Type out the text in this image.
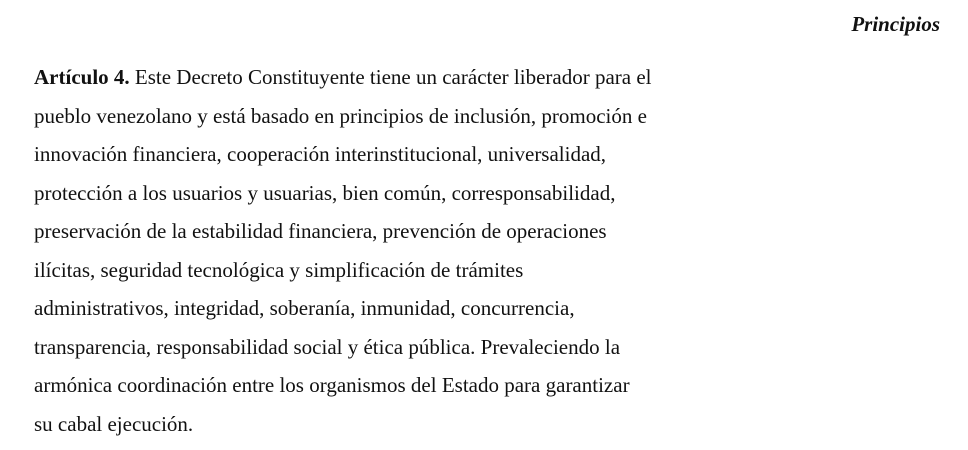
Principios

Artículo 4. Este Decreto Constituyente tiene un carácter liberador para el
pueblo venezolano y está basado en principios de inclusión, promoción e
innovación financiera, cooperación interinstitucional, universalidad,
protección a los usuarios y usuarias, bien común, corresponsabilidad,
preservación de la estabilidad financiera, prevención de operaciones
ilícitas, seguridad tecnológica y simplificación de trámites
administrativos, integridad, soberanía, inmunidad, concurrencia,
transparencia, responsabilidad social y ética pública. Prevaleciendo la
armónica coordinación entre los organismos del Estado para garantizar
su cabal ejecución.
